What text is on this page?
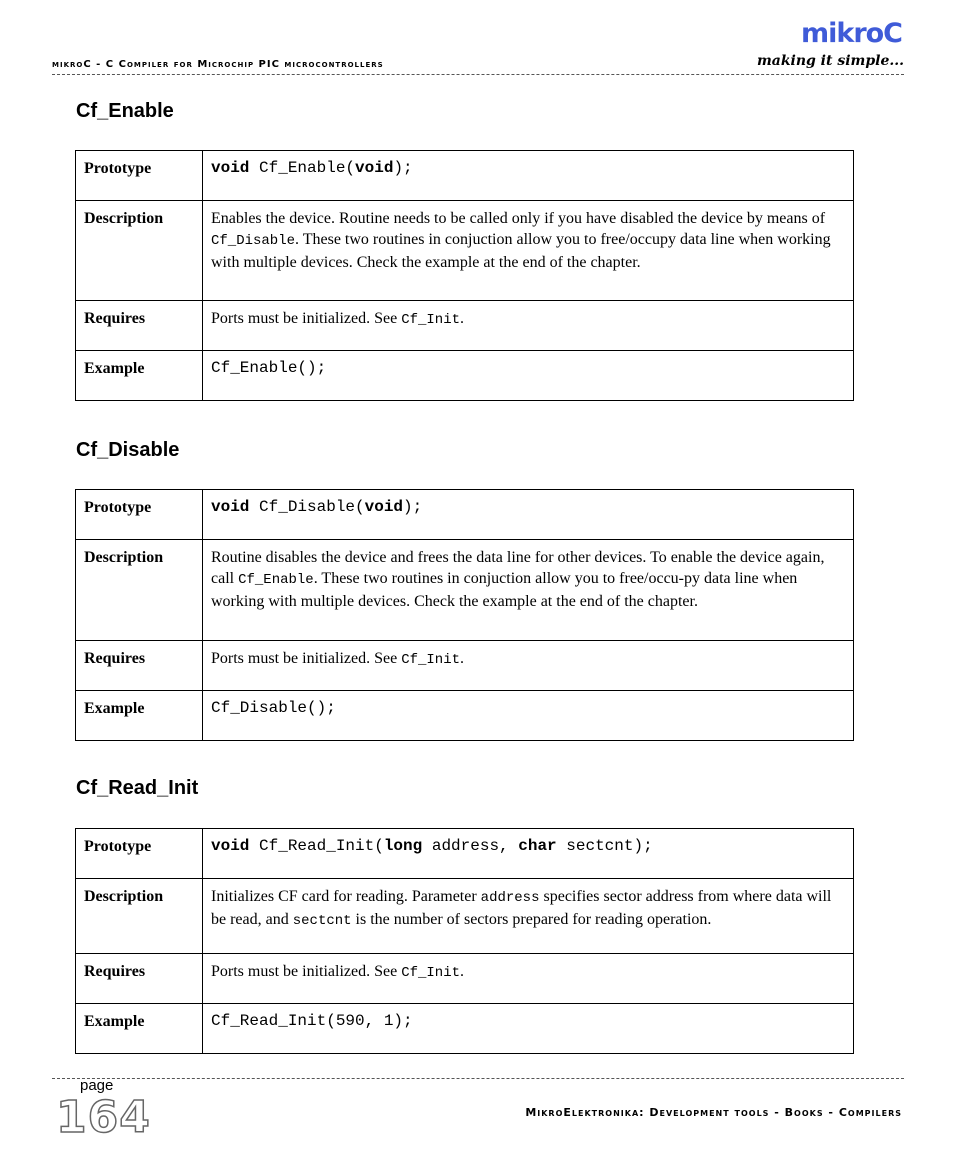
mikroC - C Compiler for Microchip PIC microcontrollers
mikroC
making it simple...
Cf_Enable
Prototype	void Cf_Enable(void);
Description	Enables the device. Routine needs to be called only if you have disabled the device by means of Cf_Disable. These two routines in conjuction allow you to free/occupy data line when working with multiple devices. Check the example at the end of the chapter.
Requires	Ports must be initialized. See Cf_Init.
Example	Cf_Enable();
Cf_Disable
Prototype	void Cf_Disable(void);
Description	Routine disables the device and frees the data line for other devices. To enable the device again, call Cf_Enable. These two routines in conjuction allow you to free/occu-py data line when working with multiple devices. Check the example at the end of the chapter.
Requires	Ports must be initialized. See Cf_Init.
Example	Cf_Disable();
Cf_Read_Init
Prototype	void Cf_Read_Init(long address, char sectcnt);
Description	Initializes CF card for reading. Parameter address specifies sector address from where data will be read, and sectcnt is the number of sectors prepared for reading operation.
Requires	Ports must be initialized. See Cf_Init.
Example	Cf_Read_Init(590, 1);
page
164	MikroElektronika: Development tools - Books - Compilers
